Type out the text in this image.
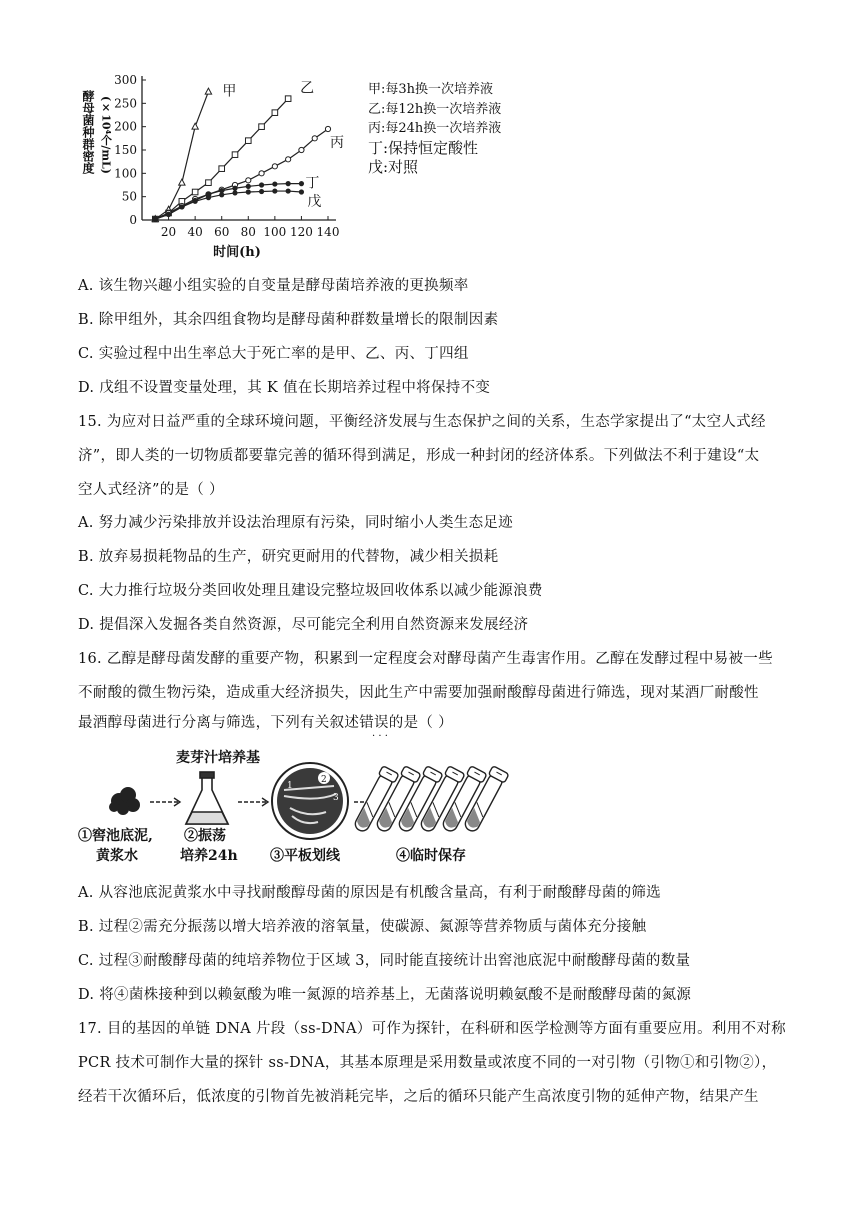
0
50
100
150
200
250
300
20 40 60 80 100 120 140
时间(h)
酵母菌种群密度 (×10⁴个/mL)
甲	乙
丙
丁
戊
甲:每3h换一次培养液
乙:每12h换一次培养液
丙:每24h换一次培养液
丁:保持恒定酸性
戊:对照
A. 该生物兴趣小组实验的自变量是酵母菌培养液的更换频率
B. 除甲组外，其余四组食物均是酵母菌种群数量增长的限制因素
C. 实验过程中出生率总大于死亡率的是甲、乙、丙、丁四组
D. 戊组不设置变量处理，其 K 值在长期培养过程中将保持不变
15. 为应对日益严重的全球环境问题，平衡经济发展与生态保护之间的关系，生态学家提出了“太空人式经
济”，即人类的一切物质都要靠完善的循环得到满足，形成一种封闭的经济体系。下列做法不利于建设“太
空人式经济”的是（ ）
A. 努力减少污染排放并设法治理原有污染，同时缩小人类生态足迹
B. 放弃易损耗物品的生产，研究更耐用的代替物，减少相关损耗
C. 大力推行垃圾分类回收处理且建设完整垃圾回收体系以减少能源浪费
D. 提倡深入发掘各类自然资源，尽可能完全利用自然资源来发展经济
16. 乙醇是酵母菌发酵的重要产物，积累到一定程度会对酵母菌产生毒害作用。乙醇在发酵过程中易被一些
不耐酸的微生物污染，造成重大经济损失，因此生产中需要加强耐酸醇母菌进行筛选，现对某酒厂耐酸性
最酒醇母菌进行分离与筛选，下列有关叙述错误的是（ ）
· · ·
麦芽汁培养基
1
2
3
①窖池底泥,
黄浆水
②振荡
培养24h ③平板划线	④临时保存
A. 从容池底泥黄浆水中寻找耐酸醇母菌的原因是有机酸含量高，有利于耐酸酵母菌的筛选
B. 过程②需充分振荡以增大培养液的溶氧量，使碳源、氮源等营养物质与菌体充分接触
C. 过程③耐酸酵母菌的纯培养物位于区域 3，同时能直接统计出窖池底泥中耐酸酵母菌的数量
D. 将④菌株接种到以赖氨酸为唯一氮源的培养基上，无菌落说明赖氨酸不是耐酸酵母菌的氮源
17. 目的基因的单链 DNA 片段（ss-DNA）可作为探针，在科研和医学检测等方面有重要应用。利用不对称
PCR 技术可制作大量的探针 ss-DNA，其基本原理是采用数量或浓度不同的一对引物（引物①和引物②），
经若干次循环后，低浓度的引物首先被消耗完毕，之后的循环只能产生高浓度引物的延伸产物，结果产生
